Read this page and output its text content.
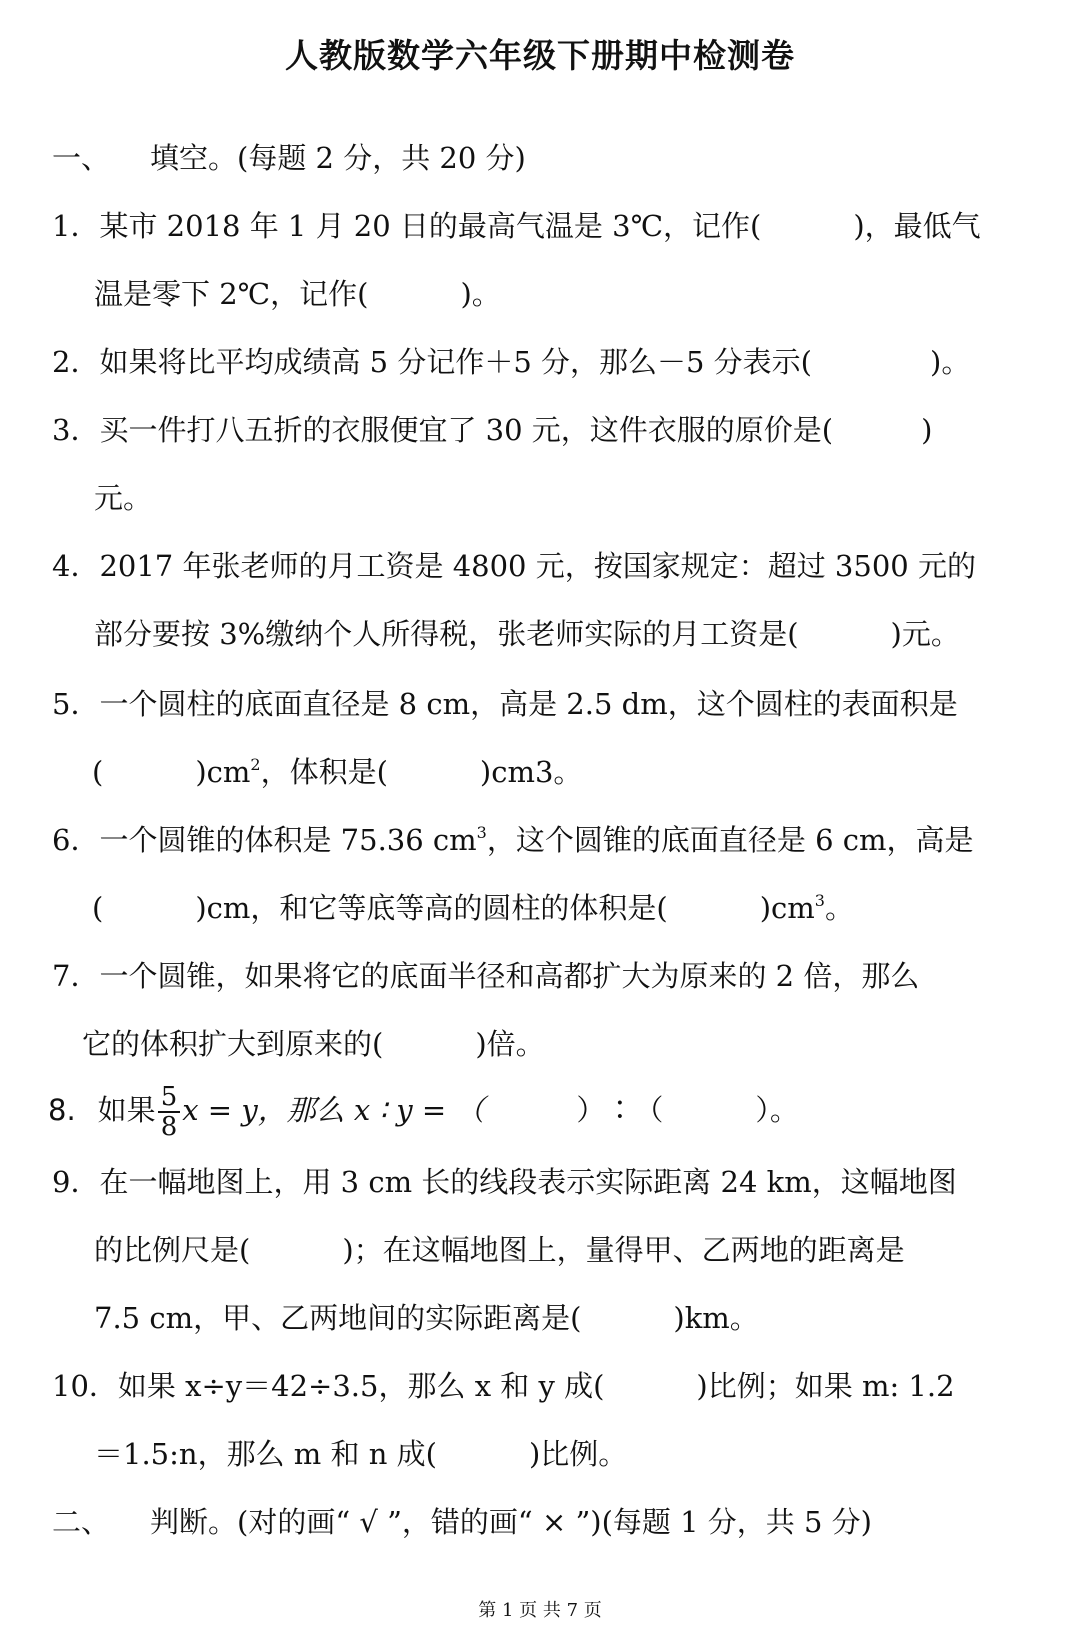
人教版数学六年级下册期中检测卷
一、 填空。(每题 2 分，共 20 分)
1．某市 2018 年 1 月 20 日的最高气温是 3℃，记作(	)，最低气
温是零下 2℃，记作(	)。
2．如果将比平均成绩高 5 分记作＋5 分，那么－5 分表示(	)。
3．买一件打八五折的衣服便宜了 30 元，这件衣服的原价是(	)
元。
4．2017 年张老师的月工资是 4800 元，按国家规定：超过 3500 元的
部分要按 3%缴纳个人所得税，张老师实际的月工资是(	)元。
5．一个圆柱的底面直径是 8 cm，高是 2.5 dm，这个圆柱的表面积是
(	)$cm^2$，体积是(	)cm3。
6．一个圆锥的体积是 75.36 $cm^3$，这个圆锥的底面直径是 6 cm，高是
(	)cm，和它等底等高的圆柱的体积是(	)$cm^3$。
7．一个圆锥，如果将它的底面半径和高都扩大为原来的 2 倍，那么
它的体积扩大到原来的(	)倍。
8. 如果 $\frac{5}{8}$ x = y，那么 x ∶ y = （	）∶（	）。
9．在一幅地图上，用 3 cm 长的线段表示实际距离 24 km，这幅地图
的比例尺是(	)；在这幅地图上，量得甲、乙两地的距离是
7.5 cm，甲、乙两地间的实际距离是(	)km。
10．如果 x÷y＝42÷3.5，那么 x 和 y 成(	)比例；如果 m: 1.2
＝1.5:n，那么 m 和 n 成(	)比例。
二、 判断。(对的画“ √ ”，错的画“ × ”)(每题 1 分，共 5 分)
第 1 页 共 7 页
